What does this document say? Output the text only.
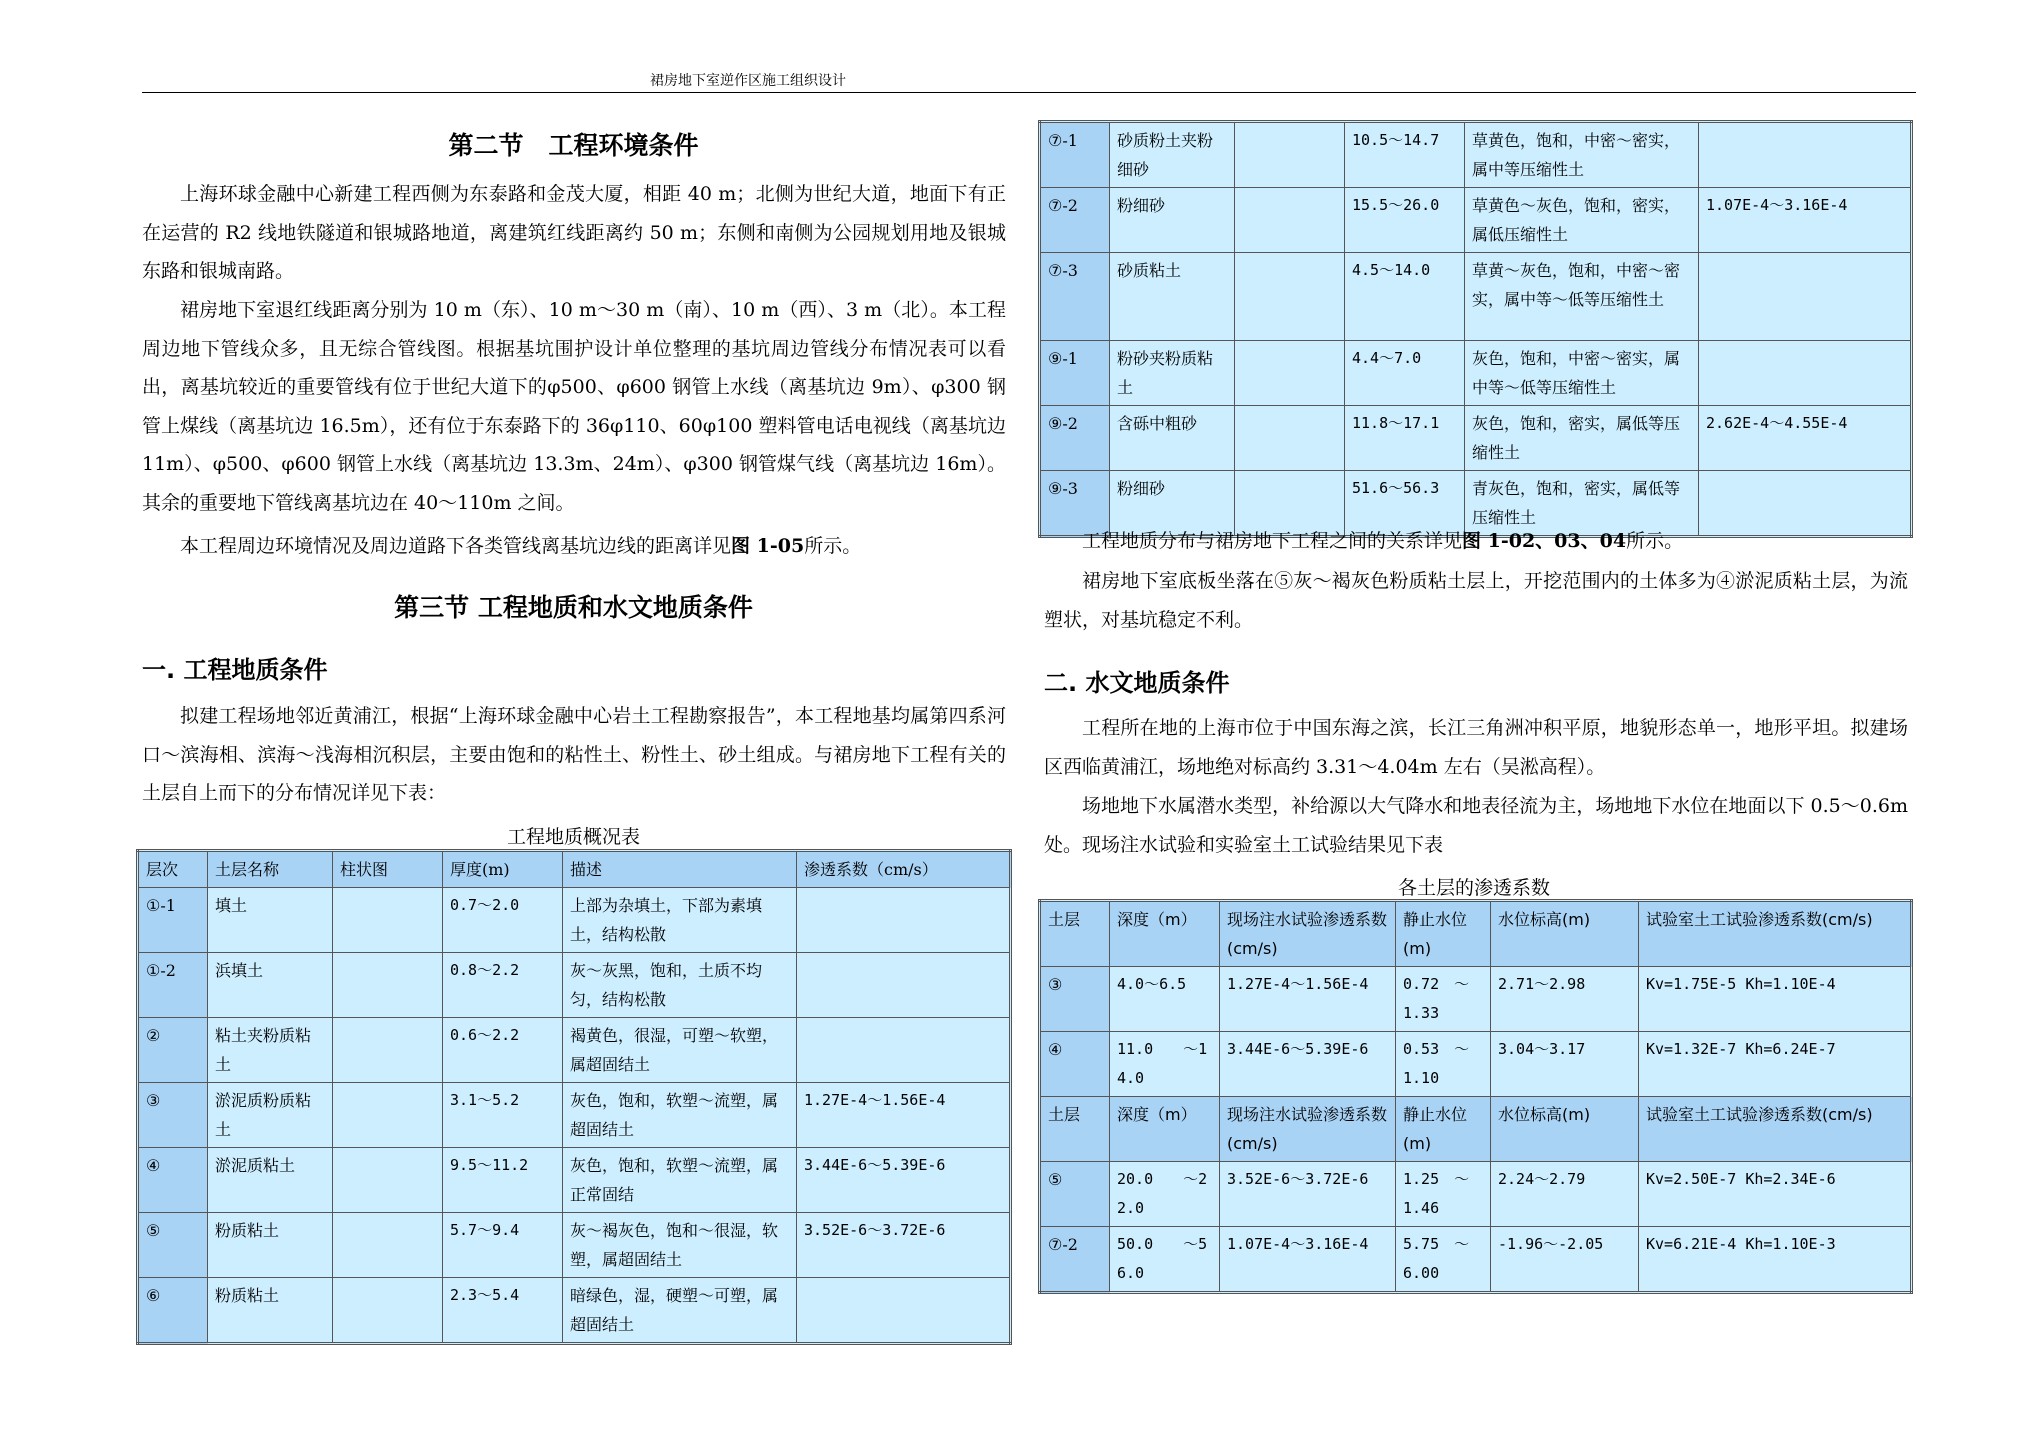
裙房地下室逆作区施工组织设计
第二节　工程环境条件

上海环球金融中心新建工程西侧为东泰路和金茂大厦，相距 40 m；北侧为世纪大道，地面下有正在运营的 R2 线地铁隧道和银城路地道，离建筑红线距离约 50 m；东侧和南侧为公园规划用地及银城东路和银城南路。

裙房地下室退红线距离分别为 10 m（东）、10 m～30 m（南）、10 m（西）、3 m（北）。本工程周边地下管线众多，且无综合管线图。根据基坑围护设计单位整理的基坑周边管线分布情况表可以看出，离基坑较近的重要管线有位于世纪大道下的φ500、φ600 钢管上水线（离基坑边 9m）、φ300 钢管上煤线（离基坑边 16.5m），还有位于东泰路下的 36φ110、60φ100 塑料管电话电视线（离基坑边 11m）、φ500、φ600 钢管上水线（离基坑边 13.3m、24m）、φ300 钢管煤气线（离基坑边 16m）。其余的重要地下管线离基坑边在 40～110m 之间。

本工程周边环境情况及周边道路下各类管线离基坑边线的距离详见图 1-05所示。

第三节 工程地质和水文地质条件
一. 工程地质条件

拟建工程场地邻近黄浦江，根据“上海环球金融中心岩土工程勘察报告”，本工程地基均属第四系河口～滨海相、滨海～浅海相沉积层，主要由饱和的粘性土、粉性土、砂土组成。与裙房地下工程有关的土层自上而下的分布情况详见下表：

工程地质概况表
层次	土层名称	柱状图	厚度(m)	描述	渗透系数（cm/s）
①-1	填土		0.7～2.0	上部为杂填土，下部为素填土，结构松散	
①-2	浜填土		0.8～2.2	灰～灰黑，饱和，土质不均匀，结构松散	
②	粘土夹粉质粘土		0.6～2.2	褐黄色，很湿，可塑～软塑，属超固结土	
③	淤泥质粉质粘土		3.1～5.2	灰色，饱和，软塑～流塑，属超固结土	1.27E-4～1.56E-4
④	淤泥质粘土		9.5～11.2	灰色，饱和，软塑～流塑，属正常固结	3.44E-6～5.39E-6
⑤	粉质粘土		5.7～9.4	灰～褐灰色，饱和～很湿，软塑，属超固结土	3.52E-6～3.72E-6
⑥	粉质粘土		2.3～5.4	暗绿色，湿，硬塑～可塑，属超固结土	
⑦-1	砂质粉土夹粉细砂		10.5～14.7	草黄色，饱和，中密～密实，属中等压缩性土	
⑦-2	粉细砂		15.5～26.0	草黄色～灰色，饱和，密实，属低压缩性土	1.07E-4～3.16E-4
⑦-3	砂质粘土		4.5～14.0	草黄～灰色，饱和，中密～密实，属中等～低等压缩性土	
⑨-1	粉砂夹粉质粘土		4.4～7.0	灰色，饱和，中密～密实，属中等～低等压缩性土	
⑨-2	含砾中粗砂		11.8～17.1	灰色，饱和，密实，属低等压缩性土	2.62E-4～4.55E-4
⑨-3	粉细砂		51.6～56.3	青灰色，饱和，密实，属低等压缩性土	

工程地质分布与裙房地下工程之间的关系详见图 1-02、03、04所示。

裙房地下室底板坐落在⑤灰～褐灰色粉质粘土层上，开挖范围内的土体多为④淤泥质粘土层，为流塑状，对基坑稳定不利。

二. 水文地质条件

工程所在地的上海市位于中国东海之滨，长江三角洲冲积平原，地貌形态单一，地形平坦。拟建场区西临黄浦江，场地绝对标高约 3.31～4.04m 左右（吴淞高程）。

场地地下水属潜水类型，补给源以大气降水和地表径流为主，场地地下水位在地面以下 0.5～0.6m 处。现场注水试验和实验室土工试验结果见下表

各土层的渗透系数
土层	深度（m）	现场注水试验渗透系数(cm/s)	静止水位(m)	水位标高(m)	试验室土工试验渗透系数(cm/s)
③	4.0～6.5	1.27E-4～1.56E-4	0.72　～1.33	2.71～2.98	Kv=1.75E-5 Kh=1.10E-4
④	11.0　　～14.0	3.44E-6～5.39E-6	0.53　～1.10	3.04～3.17	Kv=1.32E-7 Kh=6.24E-7
土层	深度（m）	现场注水试验渗透系数(cm/s)	静止水位(m)	水位标高(m)	试验室土工试验渗透系数(cm/s)
⑤	20.0　　～22.0	3.52E-6～3.72E-6	1.25　～1.46	2.24～2.79	Kv=2.50E-7 Kh=2.34E-6
⑦-2	50.0　　～56.0	1.07E-4～3.16E-4	5.75　～6.00	-1.96～-2.05	Kv=6.21E-4 Kh=1.10E-3
